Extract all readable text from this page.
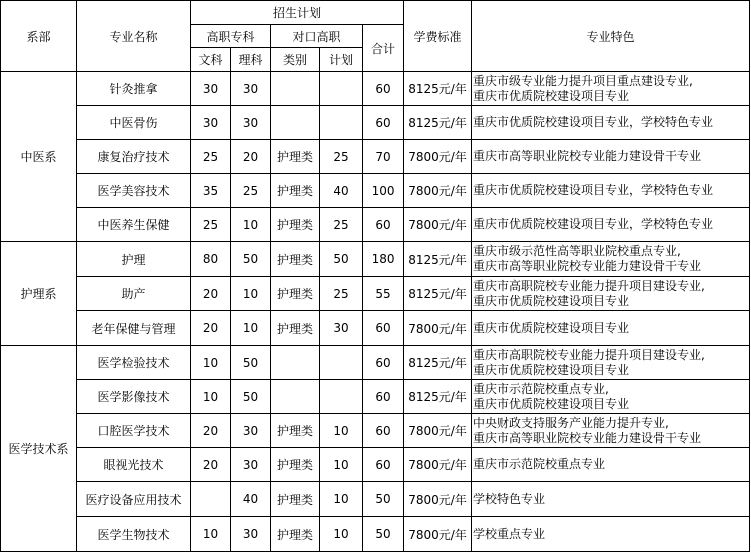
系部	专业名称	招生计划					学费标准	专业特色
		高职专科		对口高职		合计		
		文科	理科	类别	计划			
中医系	针灸推拿	30	30			60	8125元/年	重庆市级专业能力提升项目重点建设专业,
重庆市优质院校建设项目专业

	中医骨伤	30	30			60	8125元/年	重庆市优质院校建设项目专业，学校特色专业

	康复治疗技术	25	20	护理类	25	70	7800元/年	重庆市高等职业院校专业能力建设骨干专业

	医学美容技术	35	25	护理类	40	100	7800元/年	重庆市优质院校建设项目专业，学校特色专业

	中医养生保健	25	10	护理类	25	60	7800元/年	重庆市优质院校建设项目专业，学校特色专业

护理系	护理	80	50	护理类	50	180	8125元/年	重庆市级示范性高等职业院校重点专业,
重庆市高等职业院校专业能力建设骨干专业

	助产	20	10	护理类	25	55	8125元/年	重庆市高职院校专业能力提升项目建设专业,
重庆市优质院校建设项目专业

	老年保健与管理	20	10	护理类	30	60	7800元/年	重庆市优质院校建设项目专业

医学技术系	医学检验技术	10	50			60	8125元/年	重庆市高职院校专业能力提升项目建设专业,
重庆市优质院校建设项目专业

	医学影像技术	10	50			60	8125元/年	重庆市示范院校重点专业,
重庆市优质院校建设项目专业

	口腔医学技术	20	30	护理类	10	60	7800元/年	中央财政支持服务产业能力提升专业,
重庆市高等职业院校专业能力建设骨干专业

	眼视光技术	20	30	护理类	10	60	7800元/年	重庆市示范院校重点专业

	医疗设备应用技术		40	护理类	10	50	7800元/年	学校特色专业

	医学生物技术	10	30	护理类	10	50	7800元/年	学校重点专业
